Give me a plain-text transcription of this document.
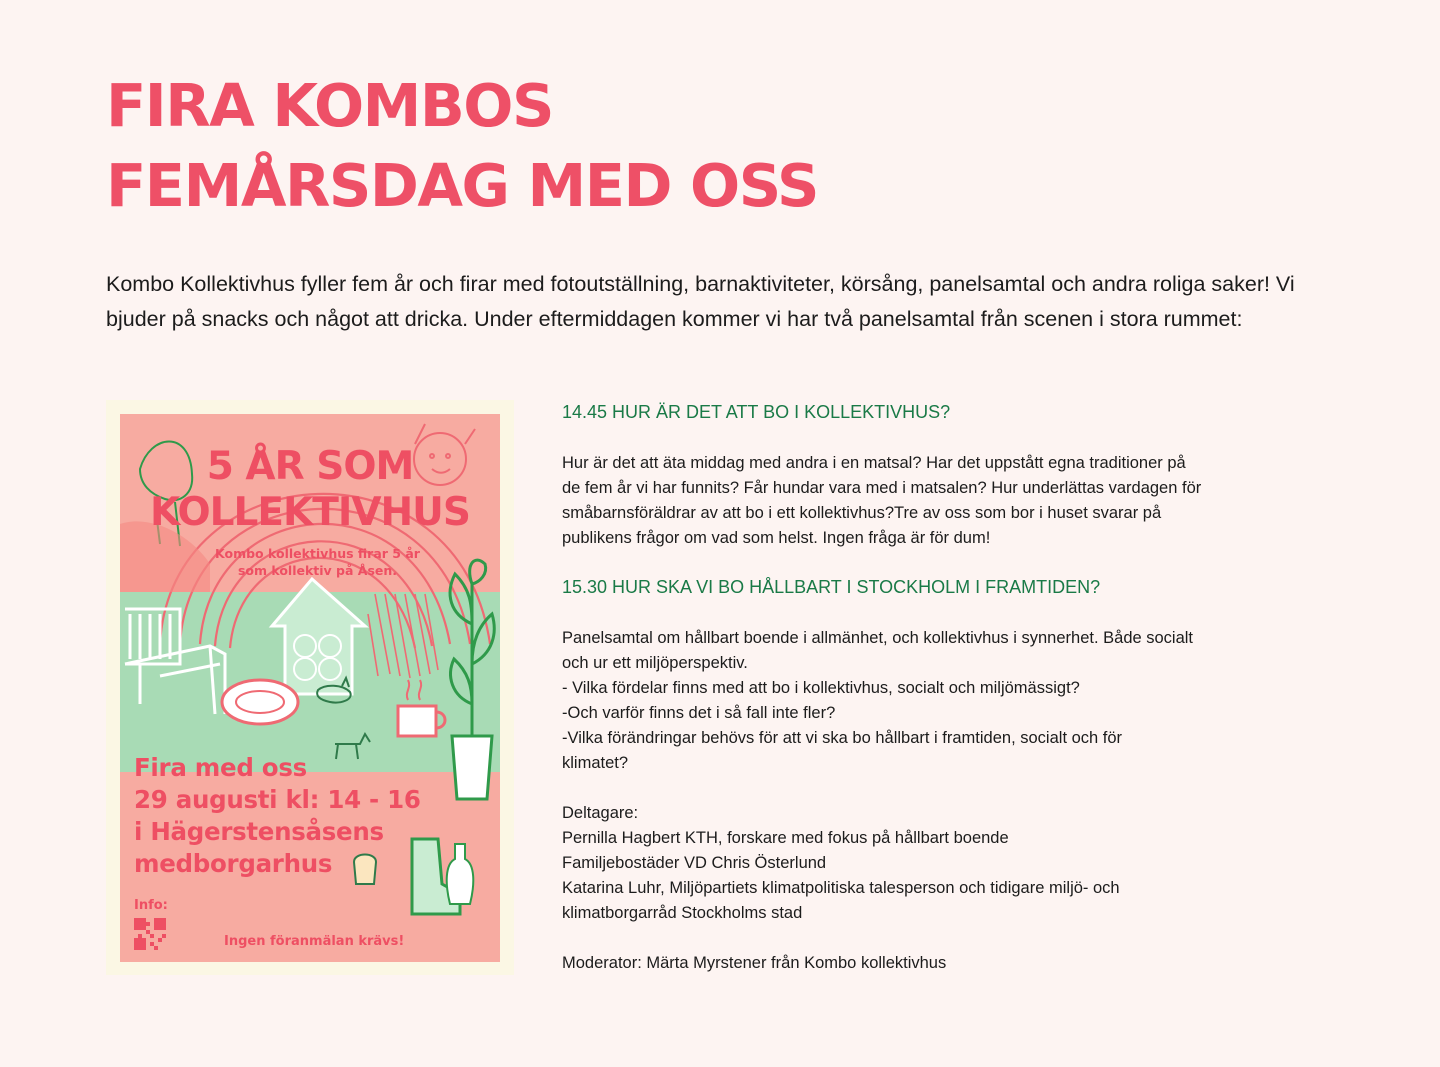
FIRA KOMBOS
FEMÅRSDAG MED OSS

Kombo Kollektivhus fyller fem år och firar med fotoutställning, barnaktiviteter, körsång, panelsamtal och andra roliga saker! Vi bjuder på snacks och något att dricka. Under eftermiddagen kommer vi har två panelsamtal från scenen i stora rummet:

5 ÅR SOM
KOLLEKTIVHUS
Kombo kollektivhus firar 5 år
som kollektiv på Åsen.
Fira med oss
29 augusti kl: 14 - 16
i Hägerstensåsens
medborgarhus
Info:
Ingen föranmälan krävs!
14.45 HUR ÄR DET ATT BO I KOLLEKTIVHUS?

Hur är det att äta middag med andra i en matsal? Har det uppstått egna traditioner på
de fem år vi har funnits? Får hundar vara med i matsalen? Hur underlättas vardagen för
småbarnsföräldrar av att bo i ett kollektivhus?Tre av oss som bor i huset svarar på
publikens frågor om vad som helst. Ingen fråga är för dum!

15.30 HUR SKA VI BO HÅLLBART I STOCKHOLM I FRAMTIDEN?

Panelsamtal om hållbart boende i allmänhet, och kollektivhus i synnerhet. Både socialt
och ur ett miljöperspektiv.
- Vilka fördelar finns med att bo i kollektivhus, socialt och miljömässigt?
-Och varför finns det i så fall inte fler?
-Vilka förändringar behövs för att vi ska bo hållbart i framtiden, socialt och för
klimatet?

Deltagare:
Pernilla Hagbert KTH, forskare med fokus på hållbart boende
Familjebostäder VD Chris Österlund
Katarina Luhr, Miljöpartiets klimatpolitiska talesperson och tidigare miljö- och
klimatborgarråd Stockholms stad

Moderator: Märta Myrstener från Kombo kollektivhus
